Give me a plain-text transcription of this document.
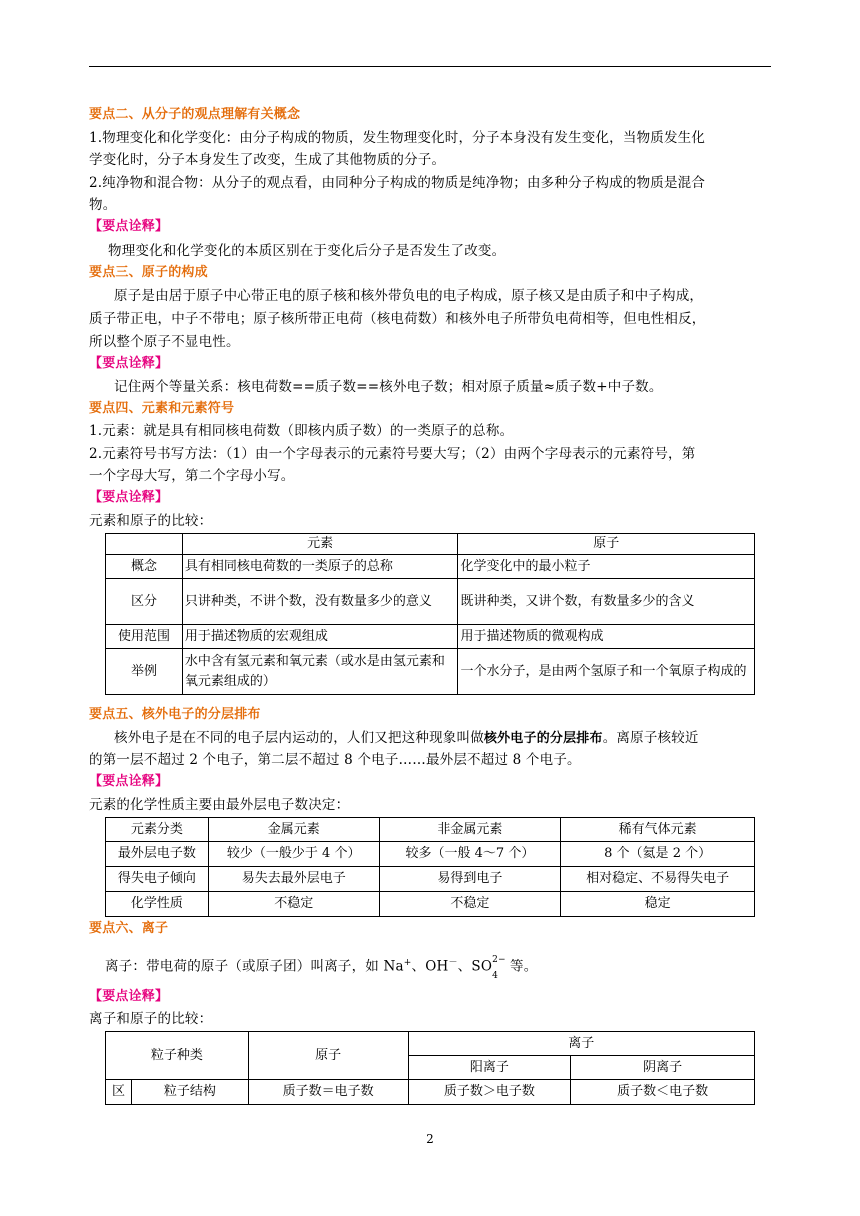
要点二、从分子的观点理解有关概念
1.物理变化和化学变化：由分子构成的物质，发生物理变化时，分子本身没有发生变化，当物质发生化
学变化时，分子本身发生了改变，生成了其他物质的分子。
2.纯净物和混合物：从分子的观点看，由同种分子构成的物质是纯净物；由多种分子构成的物质是混合
物。
【要点诠释】
物理变化和化学变化的本质区别在于变化后分子是否发生了改变。
要点三、原子的构成
原子是由居于原子中心带正电的原子核和核外带负电的电子构成，原子核又是由质子和中子构成，
质子带正电，中子不带电；原子核所带正电荷（核电荷数）和核外电子所带负电荷相等，但电性相反，
所以整个原子不显电性。
【要点诠释】
记住两个等量关系：核电荷数==质子数==核外电子数；相对原子质量≈质子数+中子数。
要点四、元素和元素符号
1.元素：就是具有相同核电荷数（即核内质子数）的一类原子的总称。
2.元素符号书写方法：（1）由一个字母表示的元素符号要大写；（2）由两个字母表示的元素符号，第
一个字母大写，第二个字母小写。
【要点诠释】
元素和原子的比较：
	元素	原子
概念	具有相同核电荷数的一类原子的总称	化学变化中的最小粒子
区分	只讲种类，不讲个数，没有数量多少的意义	既讲种类，又讲个数，有数量多少的含义
使用范围	用于描述物质的宏观组成	用于描述物质的微观构成
举例	水中含有氢元素和氧元素（或水是由氢元素和氧元素组成的）	一个水分子，是由两个氢原子和一个氧原子构成的
要点五、核外电子的分层排布
核外电子是在不同的电子层内运动的，人们又把这种现象叫做核外电子的分层排布。离原子核较近
的第一层不超过 2 个电子，第二层不超过 8 个电子……最外层不超过 8 个电子。
【要点诠释】
元素的化学性质主要由最外层电子数决定：
元素分类	金属元素	非金属元素	稀有气体元素
最外层电子数	较少（一般少于 4 个）	较多（一般 4～7 个）	8 个（氦是 2 个）
得失电子倾向	易失去最外层电子	易得到电子	相对稳定、不易得失电子
化学性质	不稳定	不稳定	稳定
要点六、离子
离子：带电荷的原子（或原子团）叫离子，如 Na+、OH－、SO 2−
$_4$等。
【要点诠释】
离子和原子的比较：
粒子种类		原子	离子	
			阳离子	阴离子
区	粒子结构	质子数＝电子数	质子数＞电子数	质子数＜电子数
2
